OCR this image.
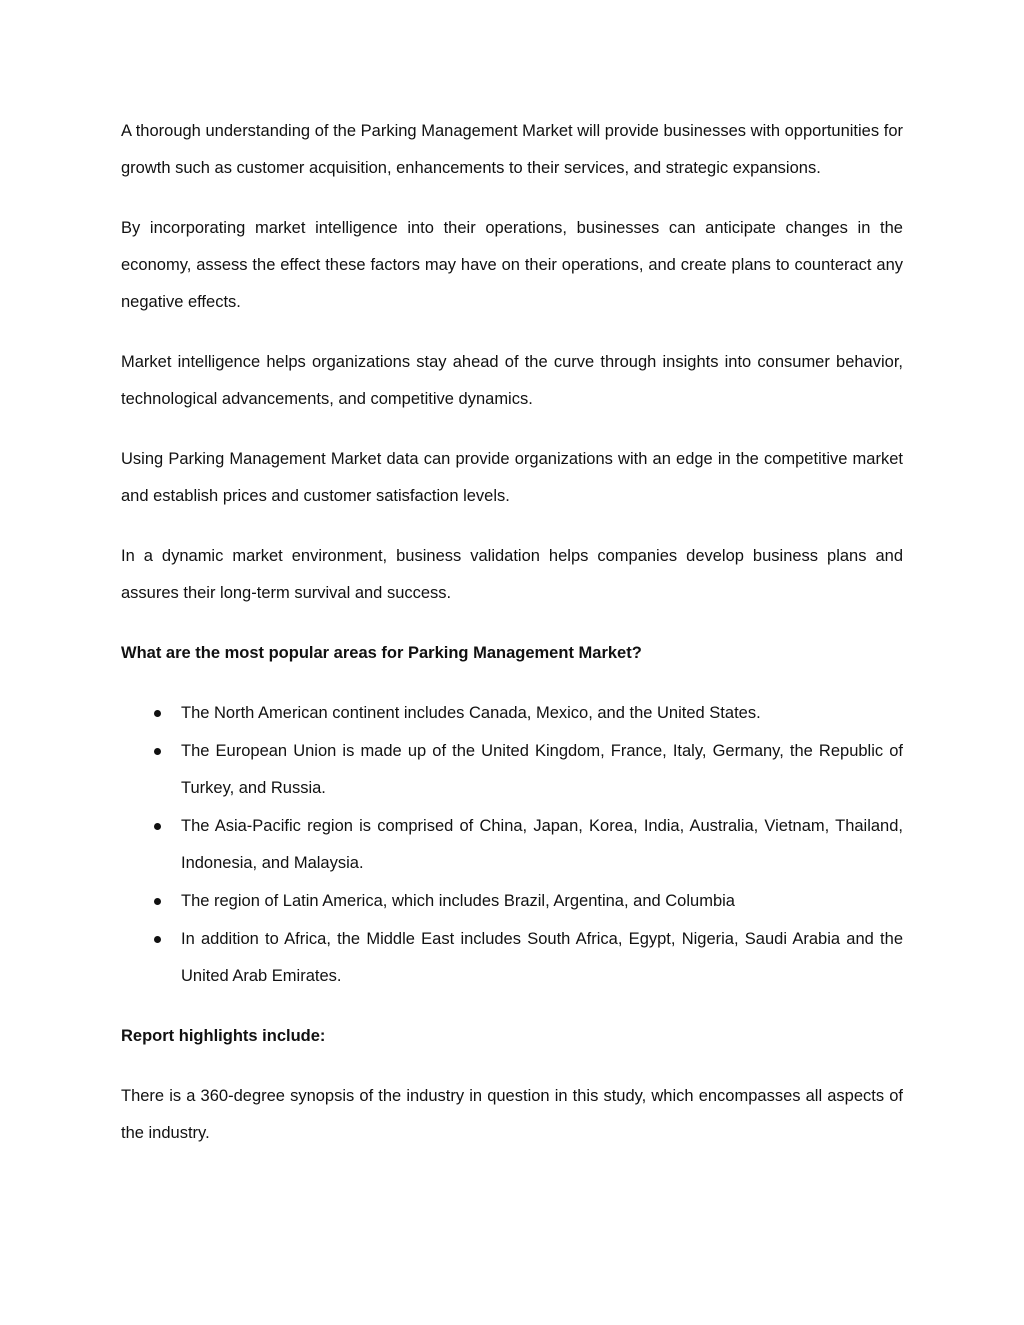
A thorough understanding of the Parking Management Market will provide businesses with opportunities for growth such as customer acquisition, enhancements to their services, and strategic expansions.

By incorporating market intelligence into their operations, businesses can anticipate changes in the economy, assess the effect these factors may have on their operations, and create plans to counteract any negative effects.

Market intelligence helps organizations stay ahead of the curve through insights into consumer behavior, technological advancements, and competitive dynamics.

Using Parking Management Market data can provide organizations with an edge in the competitive market and establish prices and customer satisfaction levels.

In a dynamic market environment, business validation helps companies develop business plans and assures their long-term survival and success.

What are the most popular areas for Parking Management Market?

The North American continent includes Canada, Mexico, and the United States.
The European Union is made up of the United Kingdom, France, Italy, Germany, the Republic of Turkey, and Russia.
The Asia-Pacific region is comprised of China, Japan, Korea, India, Australia, Vietnam, Thailand, Indonesia, and Malaysia.
The region of Latin America, which includes Brazil, Argentina, and Columbia
In addition to Africa, the Middle East includes South Africa, Egypt, Nigeria, Saudi Arabia and the United Arab Emirates.

Report highlights include:

There is a 360-degree synopsis of the industry in question in this study, which encompasses all aspects of the industry.
